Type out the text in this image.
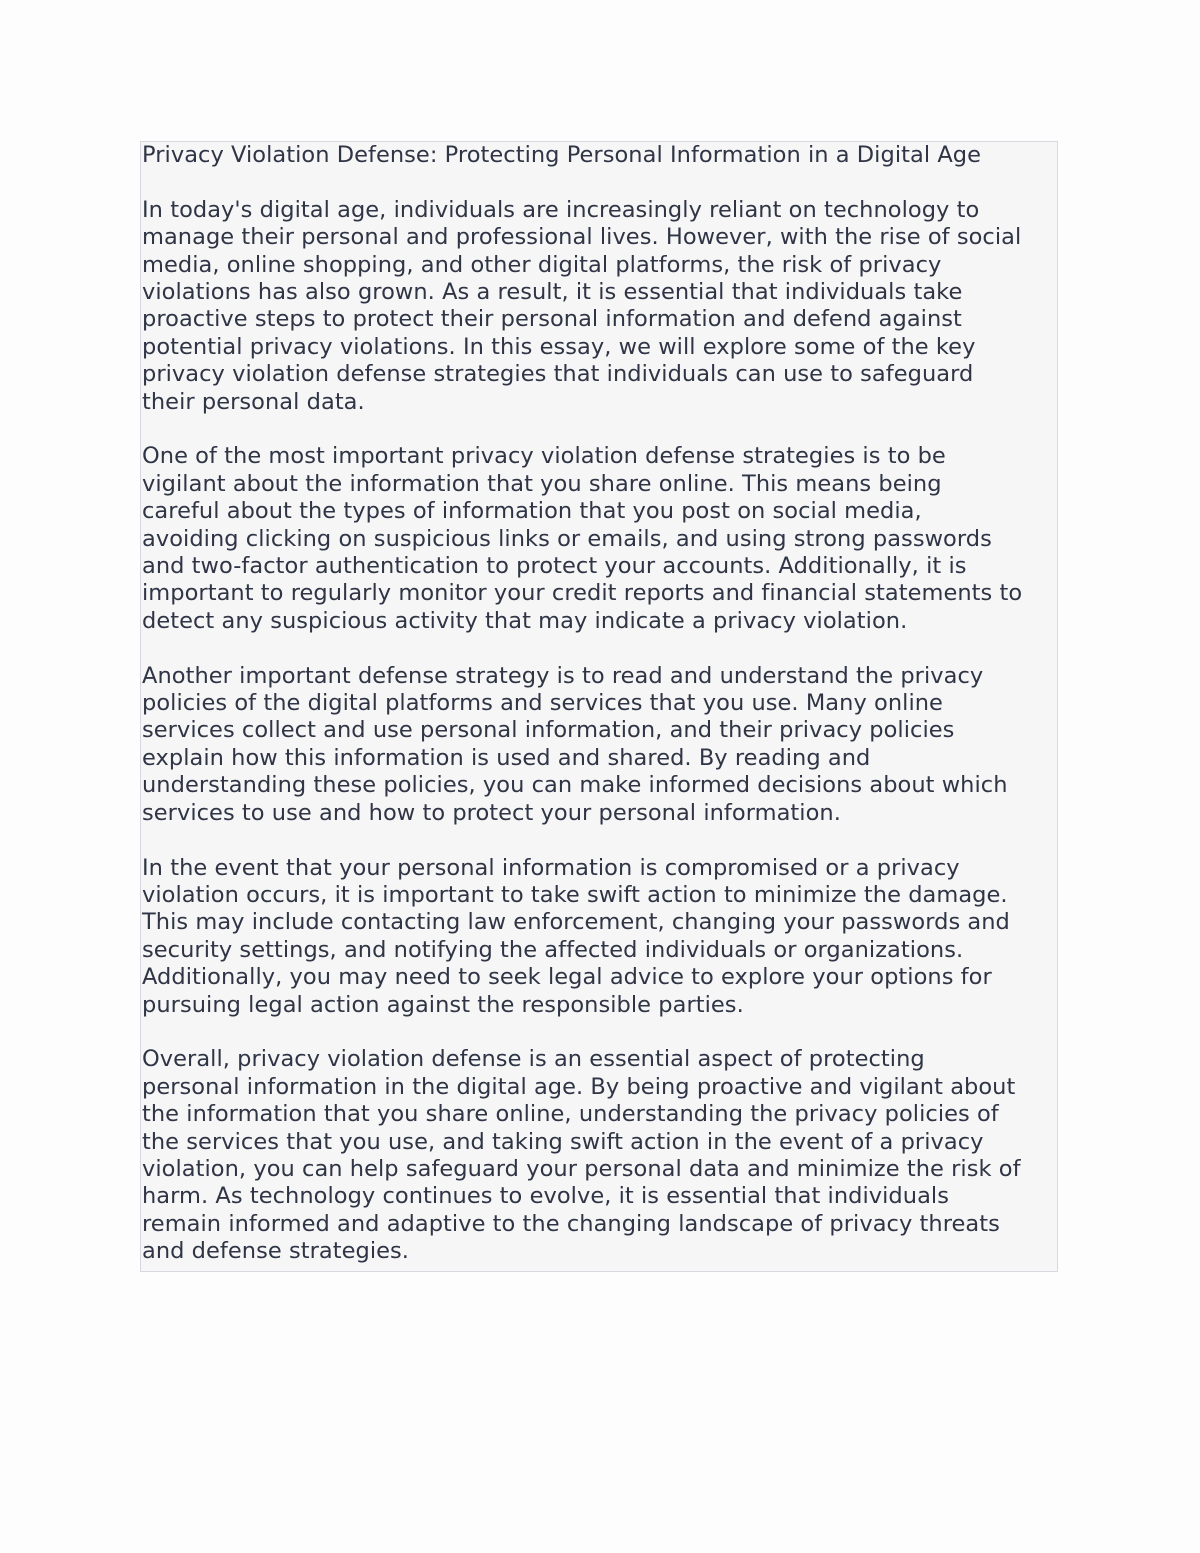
Privacy Violation Defense: Protecting Personal Information in a Digital Age

In today's digital age, individuals are increasingly reliant on technology to
manage their personal and professional lives. However, with the rise of social
media, online shopping, and other digital platforms, the risk of privacy
violations has also grown. As a result, it is essential that individuals take
proactive steps to protect their personal information and defend against
potential privacy violations. In this essay, we will explore some of the key
privacy violation defense strategies that individuals can use to safeguard
their personal data.

One of the most important privacy violation defense strategies is to be
vigilant about the information that you share online. This means being
careful about the types of information that you post on social media,
avoiding clicking on suspicious links or emails, and using strong passwords
and two-factor authentication to protect your accounts. Additionally, it is
important to regularly monitor your credit reports and financial statements to
detect any suspicious activity that may indicate a privacy violation.

Another important defense strategy is to read and understand the privacy
policies of the digital platforms and services that you use. Many online
services collect and use personal information, and their privacy policies
explain how this information is used and shared. By reading and
understanding these policies, you can make informed decisions about which
services to use and how to protect your personal information.

In the event that your personal information is compromised or a privacy
violation occurs, it is important to take swift action to minimize the damage.
This may include contacting law enforcement, changing your passwords and
security settings, and notifying the affected individuals or organizations.
Additionally, you may need to seek legal advice to explore your options for
pursuing legal action against the responsible parties.

Overall, privacy violation defense is an essential aspect of protecting
personal information in the digital age. By being proactive and vigilant about
the information that you share online, understanding the privacy policies of
the services that you use, and taking swift action in the event of a privacy
violation, you can help safeguard your personal data and minimize the risk of
harm. As technology continues to evolve, it is essential that individuals
remain informed and adaptive to the changing landscape of privacy threats
and defense strategies.
